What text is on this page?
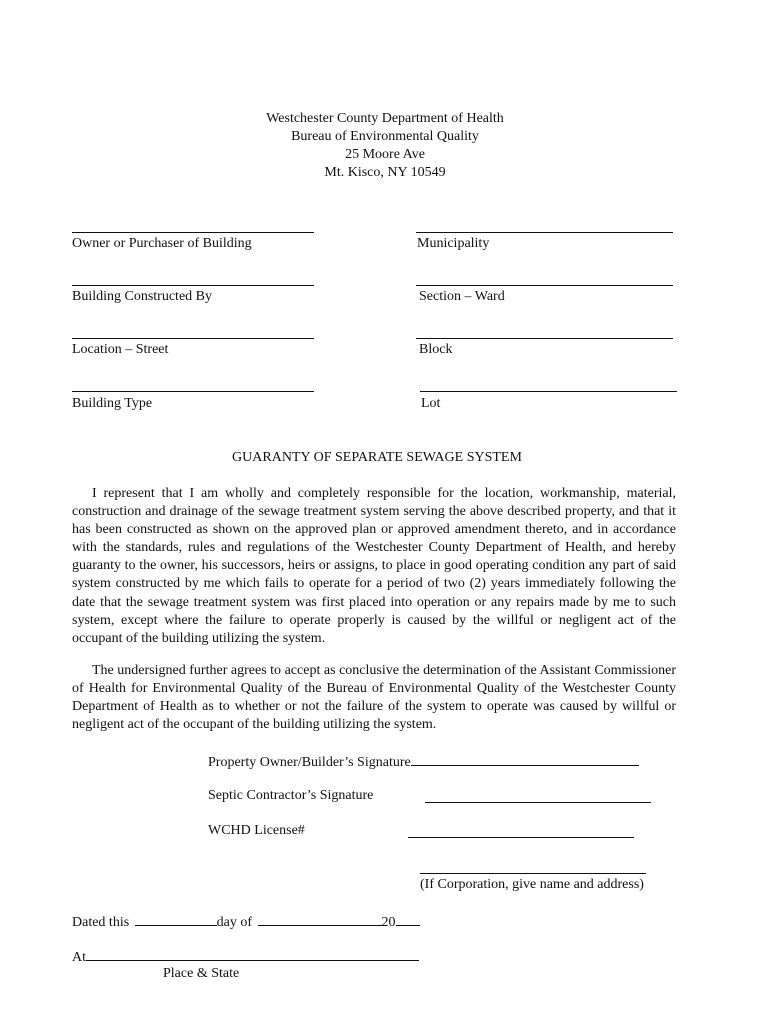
Westchester County Department of Health
Bureau of Environmental Quality
25 Moore Ave
Mt. Kisco, NY 10549
Owner or Purchaser of Building	Municipality
Building Constructed By	Section – Ward
Location – Street	Block
Building Type	Lot
GUARANTY OF SEPARATE SEWAGE SYSTEM
I represent that I am wholly and completely responsible for the location, workmanship, material, construction and drainage of the sewage treatment system serving the above described property, and that it has been constructed as shown on the approved plan or approved amendment thereto, and in accordance with the standards, rules and regulations of the Westchester County Department of Health, and hereby guaranty to the owner, his successors, heirs or assigns, to place in good operating condition any part of said system constructed by me which fails to operate for a period of two (2) years immediately following the date that the sewage treatment system was first placed into operation or any repairs made by me to such system, except where the failure to operate properly is caused by the willful or negligent act of the occupant of the building utilizing the system.
The undersigned further agrees to accept as conclusive the determination of the Assistant Commissioner of Health for Environmental Quality of the Bureau of Environmental Quality of the Westchester County Department of Health as to whether or not the failure of the system to operate was caused by willful or negligent act of the occupant of the building utilizing the system.
Property Owner/Builder’s Signature
Septic Contractor’s Signature
WCHD License#
(If Corporation, give name and address)
Dated this	day of	20
At
Place & State
